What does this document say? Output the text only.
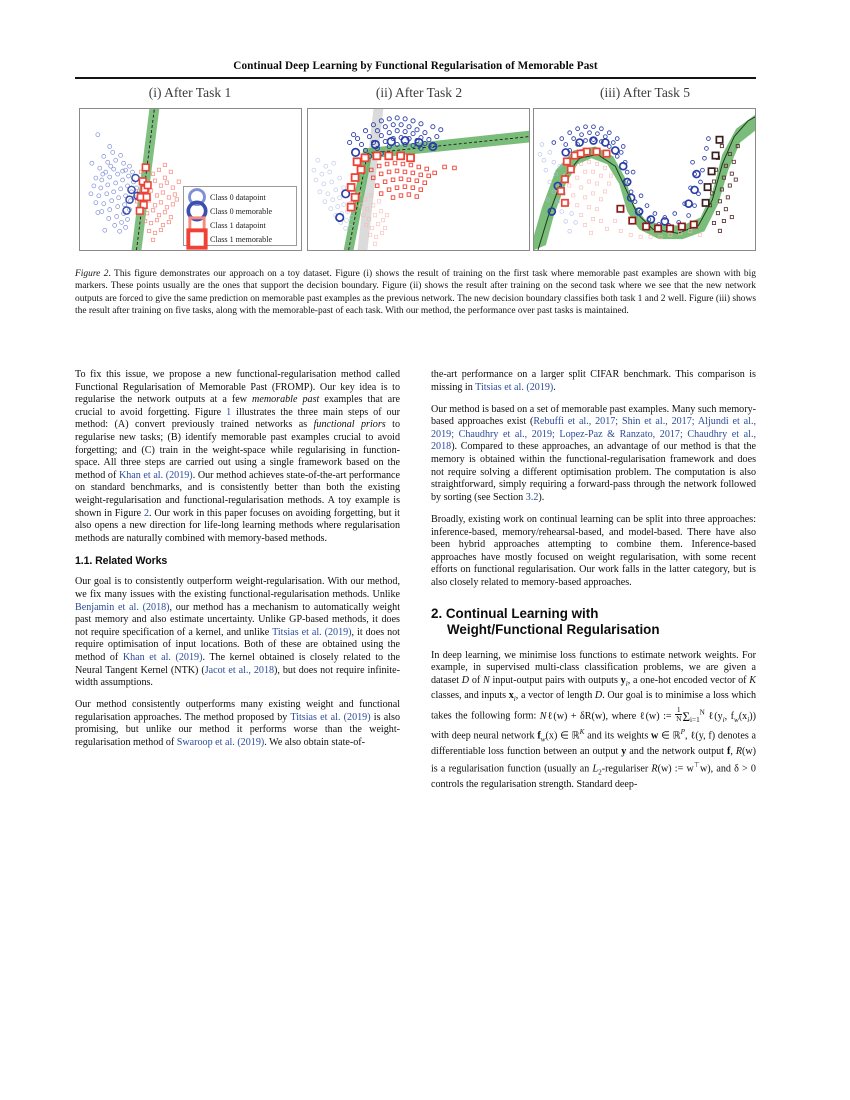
Continual Deep Learning by Functional Regularisation of Memorable Past
(i) After Task 1	(ii) After Task 2	(iii) After Task 5
Class 0 datapoint
Class 0 memorable
Class 1 datapoint
Class 1 memorable
Figure 2. This figure demonstrates our approach on a toy dataset. Figure (i) shows the result of training on the first task where memorable past examples are shown with big markers. These points usually are the ones that support the decision boundary. Figure (ii) shows the result after training on the second task where we see that the new network outputs are forced to give the same prediction on memorable past examples as the previous network. The new decision boundary classifies both task 1 and 2 well. Figure (iii) shows the result after training on five tasks, along with the memorable-past of each task. With our method, the performance over past tasks is maintained.

To fix this issue, we propose a new functional-regularisation method called Functional Regularisation of Memorable Past (FROMP). Our key idea is to regularise the network outputs at a few memorable past examples that are crucial to avoid forgetting. Figure 1 illustrates the three main steps of our method: (A) convert previously trained networks as functional priors to regularise new tasks; (B) identify memorable past examples crucial to avoid forgetting; and (C) train in the weight-space while regularising in function-space. All three steps are carried out using a single framework based on the method of Khan et al. (2019). Our method achieves state-of-the-art performance on standard benchmarks, and is consistently better than both the existing weight-regularisation and functional-regularisation methods. A toy example is shown in Figure 2. Our work in this paper focuses on avoiding forgetting, but it also opens a new direction for life-long learning methods where regularisation methods are naturally combined with memory-based methods.

1.1. Related Works

Our goal is to consistently outperform weight-regularisation. With our method, we fix many issues with the existing functional-regularisation methods. Unlike Benjamin et al. (2018), our method has a mechanism to automatically weight past memory and also estimate uncertainty. Unlike GP-based methods, it does not require specification of a kernel, and unlike Titsias et al. (2019), it does not require optimisation of input locations. Both of these are obtained using the method of Khan et al. (2019). The kernel obtained is closely related to the Neural Tangent Kernel (NTK) (Jacot et al., 2018), but does not require infinite-width assumptions.

Our method consistently outperforms many existing weight and functional regularisation approaches. The method proposed by Titsias et al. (2019) is also promising, but unlike our method it performs worse than the weight-regularisation method of Swaroop et al. (2019). We also obtain state-of-

the-art performance on a larger split CIFAR benchmark. This comparison is missing in Titsias et al. (2019).

Our method is based on a set of memorable past examples. Many such memory-based approaches exist (Rebuffi et al., 2017; Shin et al., 2017; Aljundi et al., 2019; Chaudhry et al., 2019; Lopez-Paz & Ranzato, 2017; Chaudhry et al., 2018). Compared to these approaches, an advantage of our method is that the memory is obtained within the functional-regularisation framework and does not require solving a different optimisation problem. The computation is also straightforward, simply requiring a forward-pass through the network followed by sorting (see Section 3.2).

Broadly, existing work on continual learning can be split into three approaches: inference-based, memory/rehearsal-based, and model-based. There have also been hybrid approaches attempting to combine them. Inference-based approaches have mostly focused on weight regularisation, with some recent efforts on functional regularisation. Our work falls in the latter category, but is also closely related to memory-based approaches.

2. Continual Learning with
Weight/Functional Regularisation

In deep learning, we minimise loss functions to estimate network weights. For example, in supervised multi-class classification problems, we are given a dataset D of N input-output pairs with outputs $y_i$, a one-hot encoded vector of K classes, and inputs $x_i$, a vector of length D. Our goal is to minimise a loss which takes the following form: Nℓ(w) + δR(w), where ℓ(w) := $\frac{1}{N} \Sigma_{i=1}^N$ $\ell(y_i$, $f_w(x_i)$) with deep neural network $f_w(x)$ ∈ ℝ$^K$ and its weights w ∈ ℝ$^P$, ℓ(y, f) denotes a differentiable loss function between an output y and the network output f, R(w) is a regularisation function (usually an $L_2$-regulariser R(w) := w⊤w), and δ > 0 controls the regularisation strength. Standard deep-
